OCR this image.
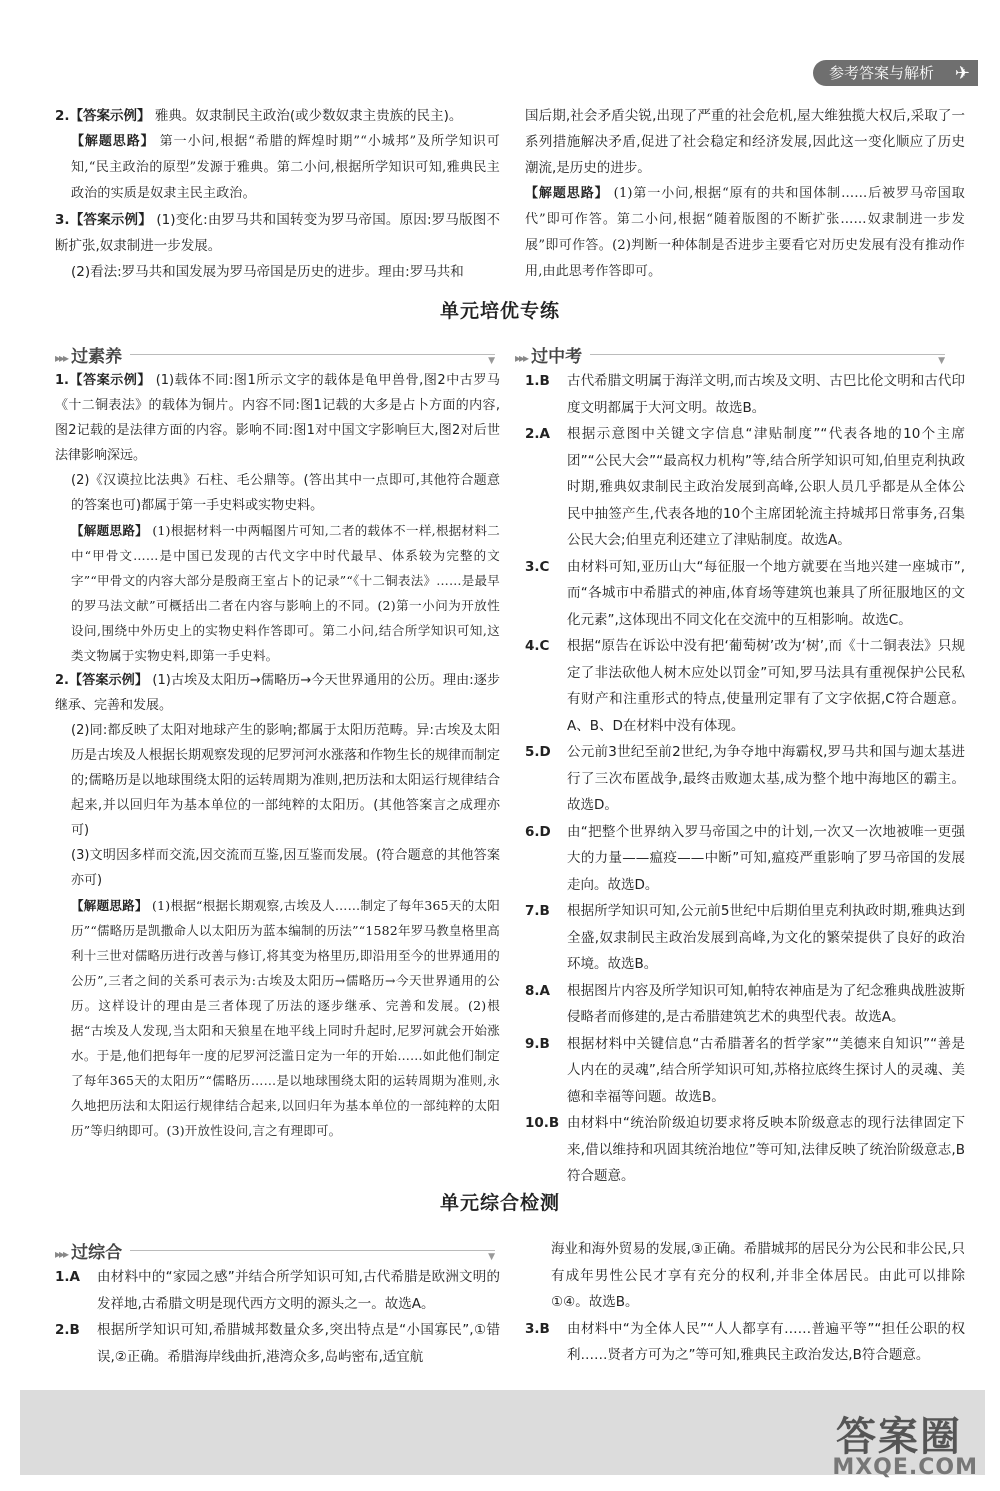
参考答案与解析 ✈

2.【答案示例】 雅典。奴隶制民主政治(或少数奴隶主贵族的民主)。

【解题思路】 第一小问,根据“希腊的辉煌时期”“小城邦”及所学知识可知,“民主政治的原型”发源于雅典。第二小问,根据所学知识可知,雅典民主政治的实质是奴隶主民主政治。

3.【答案示例】 (1)变化:由罗马共和国转变为罗马帝国。原因:罗马版图不断扩张,奴隶制进一步发展。

(2)看法:罗马共和国发展为罗马帝国是历史的进步。理由:罗马共和

国后期,社会矛盾尖锐,出现了严重的社会危机,屋大维独揽大权后,采取了一系列措施解决矛盾,促进了社会稳定和经济发展,因此这一变化顺应了历史潮流,是历史的进步。

【解题思路】 (1)第一小问,根据“原有的共和国体制……后被罗马帝国取代”即可作答。第二小问,根据“随着版图的不断扩张……奴隶制进一步发展”即可作答。(2)判断一种体制是否进步主要看它对历史发展有没有推动作用,由此思考作答即可。

单元培优专练
▸▸▸ 过素养	▼ ▸▸▸ 过中考	▼

1.【答案示例】 (1)载体不同:图1所示文字的载体是龟甲兽骨,图2中古罗马《十二铜表法》的载体为铜片。内容不同:图1记载的大多是占卜方面的内容,图2记载的是法律方面的内容。影响不同:图1对中国文字影响巨大,图2对后世法律影响深远。

(2)《汉谟拉比法典》石柱、毛公鼎等。(答出其中一点即可,其他符合题意的答案也可)都属于第一手史料或实物史料。

【解题思路】 (1)根据材料一中两幅图片可知,二者的载体不一样,根据材料二中“甲骨文……是中国已发现的古代文字中时代最早、体系较为完整的文字”“甲骨文的内容大部分是殷商王室占卜的记录”“《十二铜表法》……是最早的罗马法文献”可概括出二者在内容与影响上的不同。(2)第一小问为开放性设问,围绕中外历史上的实物史料作答即可。第二小问,结合所学知识可知,这类文物属于实物史料,即第一手史料。

2.【答案示例】 (1)古埃及太阳历→儒略历→今天世界通用的公历。理由:逐步继承、完善和发展。

(2)同:都反映了太阳对地球产生的影响;都属于太阳历范畴。异:古埃及太阳历是古埃及人根据长期观察发现的尼罗河河水涨落和作物生长的规律而制定的;儒略历是以地球围绕太阳的运转周期为准则,把历法和太阳运行规律结合起来,并以回归年为基本单位的一部纯粹的太阳历。(其他答案言之成理亦可)

(3)文明因多样而交流,因交流而互鉴,因互鉴而发展。(符合题意的其他答案亦可)

【解题思路】 (1)根据“根据长期观察,古埃及人……制定了每年365天的太阳历”“儒略历是凯撒命人以太阳历为蓝本编制的历法”“1582年罗马教皇格里高利十三世对儒略历进行改善与修订,将其变为格里历,即沿用至今的世界通用的公历”,三者之间的关系可表示为:古埃及太阳历→儒略历→今天世界通用的公历。这样设计的理由是三者体现了历法的逐步继承、完善和发展。(2)根据“古埃及人发现,当太阳和天狼星在地平线上同时升起时,尼罗河就会开始涨水。于是,他们把每年一度的尼罗河泛滥日定为一年的开始……如此他们制定了每年365天的太阳历”“儒略历……是以地球围绕太阳的运转周期为准则,永久地把历法和太阳运行规律结合起来,以回归年为基本单位的一部纯粹的太阳历”等归纳即可。(3)开放性设问,言之有理即可。

1.B 古代希腊文明属于海洋文明,而古埃及文明、古巴比伦文明和古代印度文明都属于大河文明。故选B。

2.A 根据示意图中关键文字信息“津贴制度”“代表各地的10个主席团”“公民大会”“最高权力机构”等,结合所学知识可知,伯里克利执政时期,雅典奴隶制民主政治发展到高峰,公职人员几乎都是从全体公民中抽签产生,代表各地的10个主席团轮流主持城邦日常事务,召集公民大会;伯里克利还建立了津贴制度。故选A。

3.C 由材料可知,亚历山大“每征服一个地方就要在当地兴建一座城市”,而“各城市中希腊式的神庙,体育场等建筑也兼具了所征服地区的文化元素”,这体现出不同文化在交流中的互相影响。故选C。

4.C 根据“原告在诉讼中没有把‘葡萄树’改为‘树’,而《十二铜表法》只规定了非法砍他人树木应处以罚金”可知,罗马法具有重视保护公民私有财产和注重形式的特点,使量刑定罪有了文字依据,C符合题意。A、B、D在材料中没有体现。

5.D 公元前3世纪至前2世纪,为争夺地中海霸权,罗马共和国与迦太基进行了三次布匿战争,最终击败迦太基,成为整个地中海地区的霸主。故选D。

6.D 由“把整个世界纳入罗马帝国之中的计划,一次又一次地被唯一更强大的力量——瘟疫——中断”可知,瘟疫严重影响了罗马帝国的发展走向。故选D。

7.B 根据所学知识可知,公元前5世纪中后期伯里克利执政时期,雅典达到全盛,奴隶制民主政治发展到高峰,为文化的繁荣提供了良好的政治环境。故选B。

8.A 根据图片内容及所学知识可知,帕特农神庙是为了纪念雅典战胜波斯侵略者而修建的,是古希腊建筑艺术的典型代表。故选A。

9.B 根据材料中关键信息“古希腊著名的哲学家”“美德来自知识”“善是人内在的灵魂”,结合所学知识可知,苏格拉底终生探讨人的灵魂、美德和幸福等问题。故选B。

10.B 由材料中“统治阶级迫切要求将反映本阶级意志的现行法律固定下来,借以维持和巩固其统治地位”等可知,法律反映了统治阶级意志,B符合题意。

单元综合检测
▸▸▸ 过综合	▼

1.A 由材料中的“家园之感”并结合所学知识可知,古代希腊是欧洲文明的发祥地,古希腊文明是现代西方文明的源头之一。故选A。

2.B 根据所学知识可知,希腊城邦数量众多,突出特点是“小国寡民”,①错误,②正确。希腊海岸线曲折,港湾众多,岛屿密布,适宜航

海业和海外贸易的发展,③正确。希腊城邦的居民分为公民和非公民,只有成年男性公民才享有充分的权利,并非全体居民。由此可以排除①④。故选B。

3.B 由材料中“为全体人民”“人人都享有……普遍平等”“担任公职的权利……贤者方可为之”等可知,雅典民主政治发达,B符合题意。

答案圈
MXQE.COM
